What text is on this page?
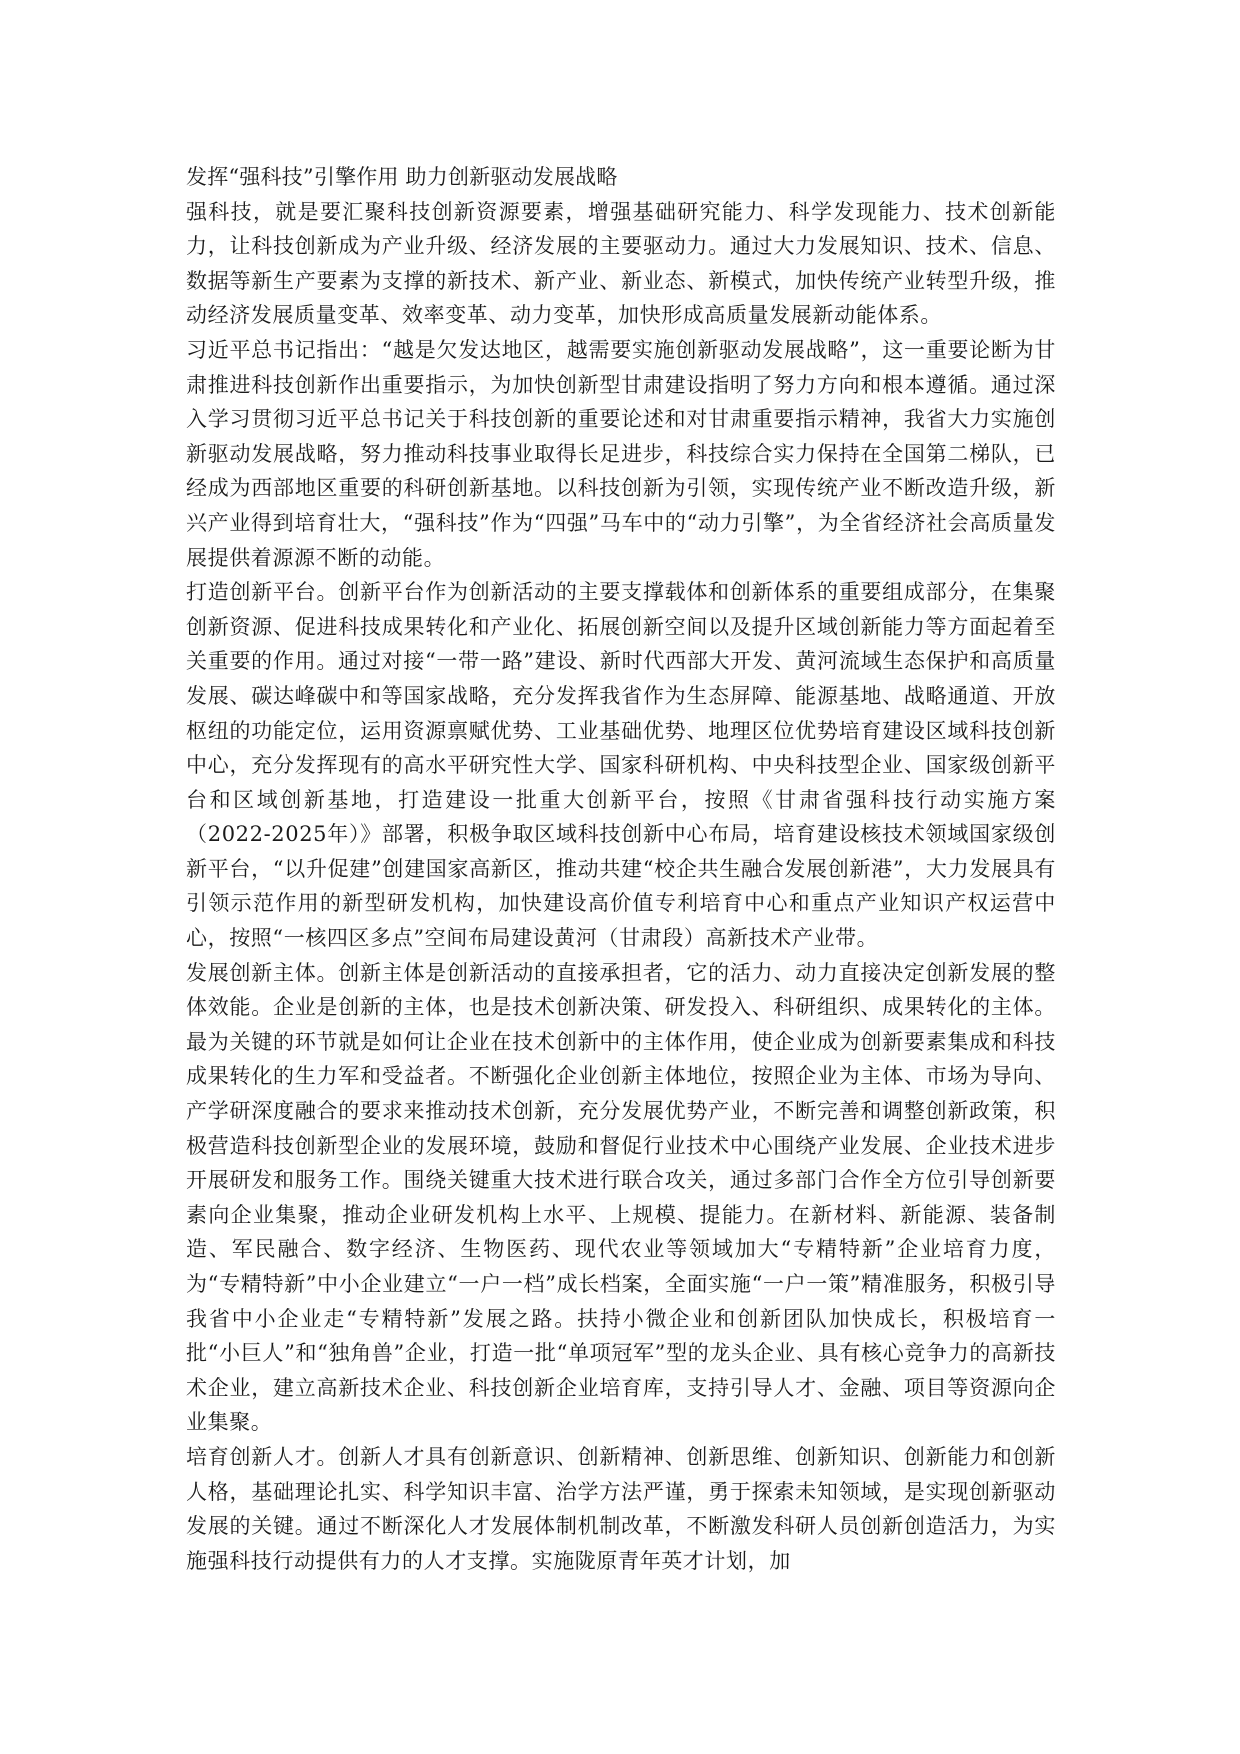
发挥“强科技”引擎作用 助力创新驱动发展战略

强科技，就是要汇聚科技创新资源要素，增强基础研究能力、科学发现能力、技术创新能力，让科技创新成为产业升级、经济发展的主要驱动力。通过大力发展知识、技术、信息、数据等新生产要素为支撑的新技术、新产业、新业态、新模式，加快传统产业转型升级，推动经济发展质量变革、效率变革、动力变革，加快形成高质量发展新动能体系。

习近平总书记指出：“越是欠发达地区，越需要实施创新驱动发展战略”，这一重要论断为甘肃推进科技创新作出重要指示，为加快创新型甘肃建设指明了努力方向和根本遵循。通过深入学习贯彻习近平总书记关于科技创新的重要论述和对甘肃重要指示精神，我省大力实施创新驱动发展战略，努力推动科技事业取得长足进步，科技综合实力保持在全国第二梯队，已经成为西部地区重要的科研创新基地。以科技创新为引领，实现传统产业不断改造升级，新兴产业得到培育壮大，“强科技”作为“四强”马车中的“动力引擎”，为全省经济社会高质量发展提供着源源不断的动能。

打造创新平台。创新平台作为创新活动的主要支撑载体和创新体系的重要组成部分，在集聚创新资源、促进科技成果转化和产业化、拓展创新空间以及提升区域创新能力等方面起着至关重要的作用。通过对接“一带一路”建设、新时代西部大开发、黄河流域生态保护和高质量发展、碳达峰碳中和等国家战略，充分发挥我省作为生态屏障、能源基地、战略通道、开放枢纽的功能定位，运用资源禀赋优势、工业基础优势、地理区位优势培育建设区域科技创新中心，充分发挥现有的高水平研究性大学、国家科研机构、中央科技型企业、国家级创新平台和区域创新基地，打造建设一批重大创新平台，按照《甘肃省强科技行动实施方案（2022-2025年）》部署，积极争取区域科技创新中心布局，培育建设核技术领域国家级创新平台，“以升促建”创建国家高新区，推动共建“校企共生融合发展创新港”，大力发展具有引领示范作用的新型研发机构，加快建设高价值专利培育中心和重点产业知识产权运营中心，按照“一核四区多点”空间布局建设黄河（甘肃段）高新技术产业带。

发展创新主体。创新主体是创新活动的直接承担者，它的活力、动力直接决定创新发展的整体效能。企业是创新的主体，也是技术创新决策、研发投入、科研组织、成果转化的主体。最为关键的环节就是如何让企业在技术创新中的主体作用，使企业成为创新要素集成和科技成果转化的生力军和受益者。不断强化企业创新主体地位，按照企业为主体、市场为导向、产学研深度融合的要求来推动技术创新，充分发展优势产业，不断完善和调整创新政策，积极营造科技创新型企业的发展环境，鼓励和督促行业技术中心围绕产业发展、企业技术进步开展研发和服务工作。围绕关键重大技术进行联合攻关，通过多部门合作全方位引导创新要素向企业集聚，推动企业研发机构上水平、上规模、提能力。在新材料、新能源、装备制造、军民融合、数字经济、生物医药、现代农业等领域加大“专精特新”企业培育力度，为“专精特新”中小企业建立“一户一档”成长档案，全面实施“一户一策”精准服务，积极引导我省中小企业走“专精特新”发展之路。扶持小微企业和创新团队加快成长，积极培育一批“小巨人”和“独角兽”企业，打造一批“单项冠军”型的龙头企业、具有核心竞争力的高新技术企业，建立高新技术企业、科技创新企业培育库，支持引导人才、金融、项目等资源向企业集聚。

培育创新人才。创新人才具有创新意识、创新精神、创新思维、创新知识、创新能力和创新人格，基础理论扎实、科学知识丰富、治学方法严谨，勇于探索未知领域，是实现创新驱动发展的关键。通过不断深化人才发展体制机制改革，不断激发科研人员创新创造活力，为实施强科技行动提供有力的人才支撑。实施陇原青年英才计划，加
